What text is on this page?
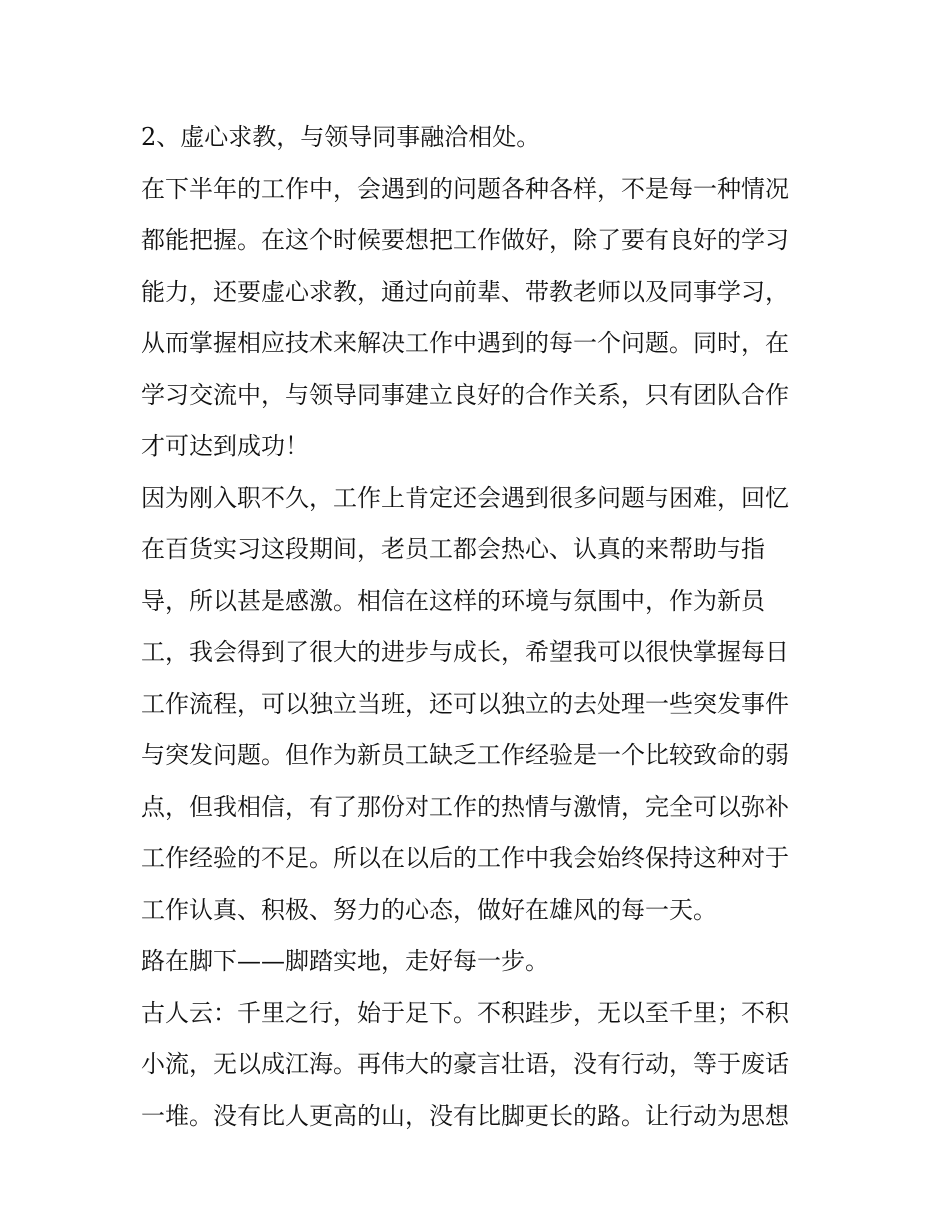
2、虚心求教，与领导同事融洽相处。
在下半年的工作中，会遇到的问题各种各样，不是每一种情况
都能把握。在这个时候要想把工作做好，除了要有良好的学习
能力，还要虚心求教，通过向前辈、带教老师以及同事学习，
从而掌握相应技术来解决工作中遇到的每一个问题。同时，在
学习交流中，与领导同事建立良好的合作关系，只有团队合作
才可达到成功！
因为刚入职不久，工作上肯定还会遇到很多问题与困难，回忆
在百货实习这段期间，老员工都会热心、认真的来帮助与指
导，所以甚是感激。相信在这样的环境与氛围中，作为新员
工，我会得到了很大的进步与成长，希望我可以很快掌握每日
工作流程，可以独立当班，还可以独立的去处理一些突发事件
与突发问题。但作为新员工缺乏工作经验是一个比较致命的弱
点，但我相信，有了那份对工作的热情与激情，完全可以弥补
工作经验的不足。所以在以后的工作中我会始终保持这种对于
工作认真、积极、努力的心态，做好在雄风的每一天。
路在脚下——脚踏实地，走好每一步。
古人云：千里之行，始于足下。不积跬步，无以至千里；不积
小流，无以成江海。再伟大的豪言壮语，没有行动，等于废话
一堆。没有比人更高的山，没有比脚更长的路。让行动为思想
